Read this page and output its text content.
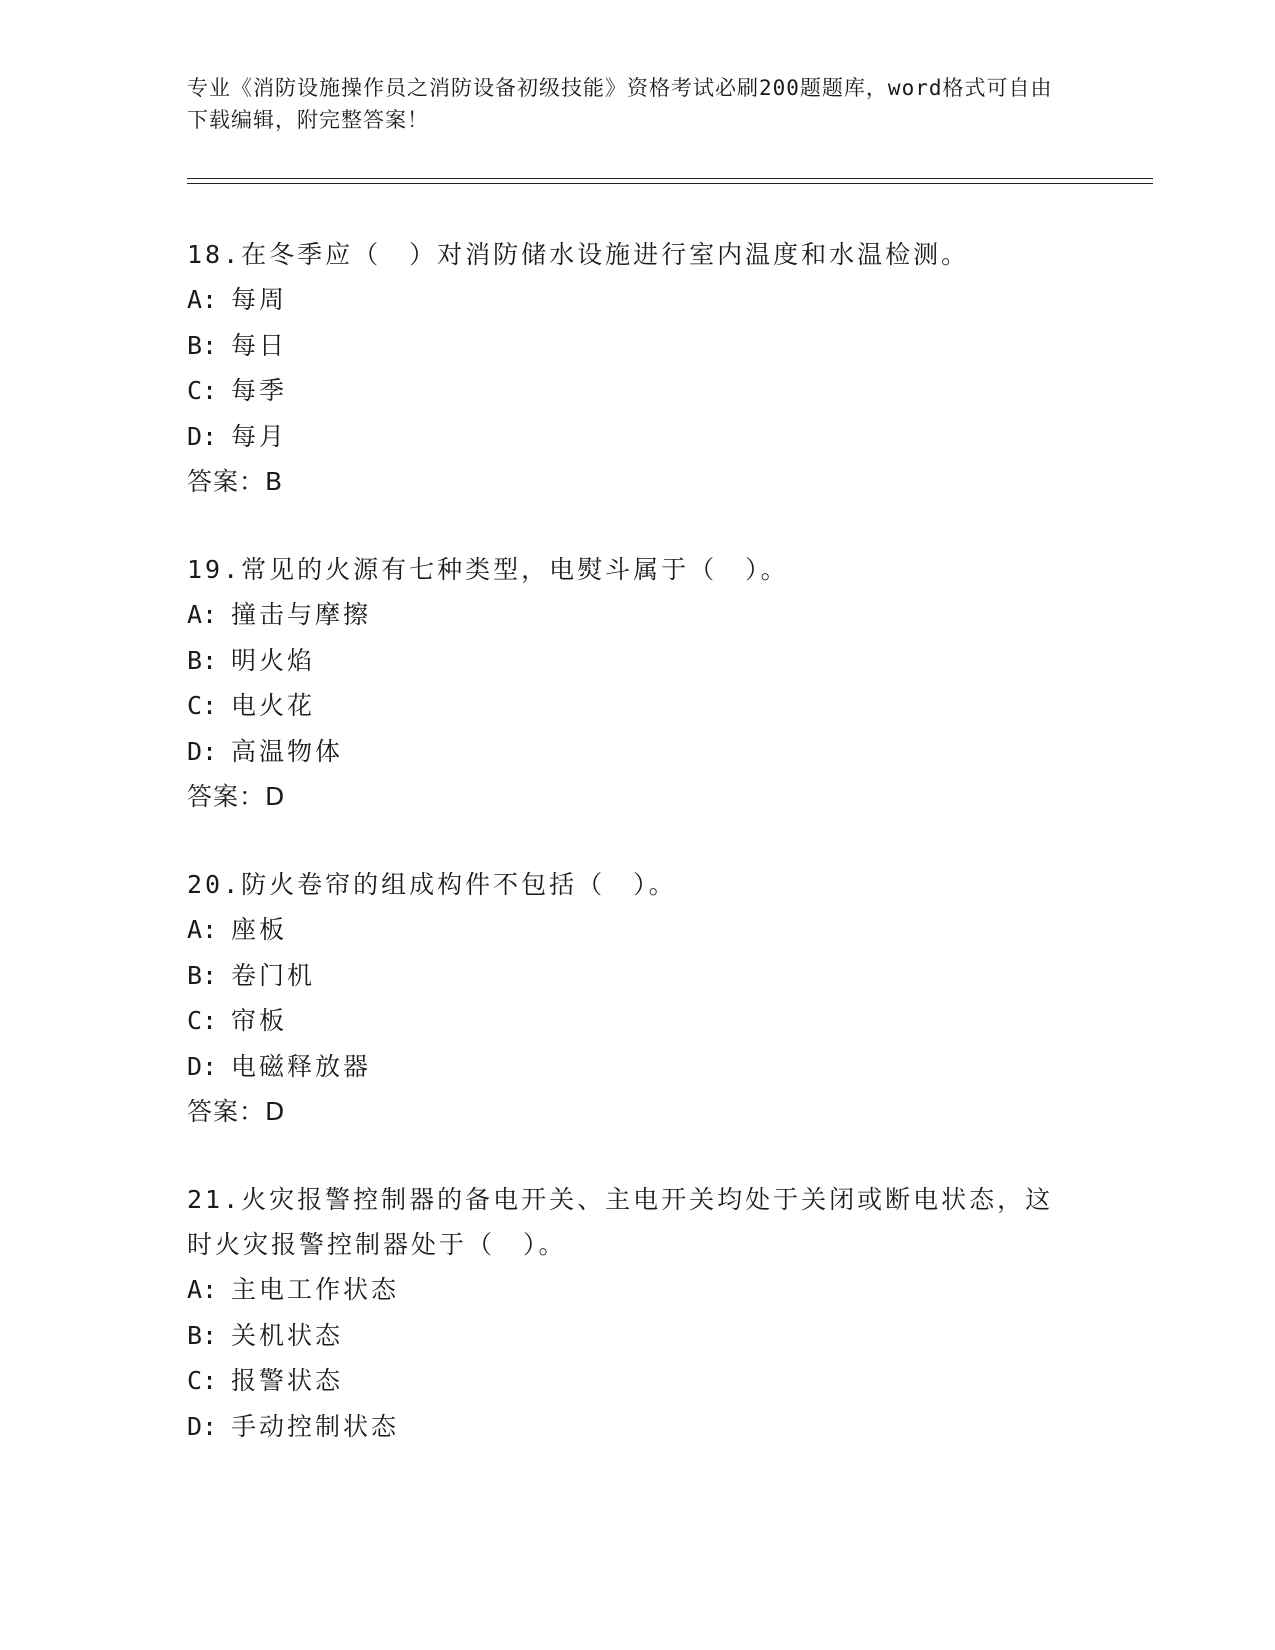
专业《消防设施操作员之消防设备初级技能》资格考试必刷200题题库，word格式可自由下载编辑，附完整答案！

18.在冬季应（　）对消防储水设施进行室内温度和水温检测。

A: 每周

B: 每日

C: 每季

D: 每月

答案：B

19.常见的火源有七种类型，电熨斗属于（　）。

A: 撞击与摩擦

B: 明火焰

C: 电火花

D: 高温物体

答案：D

20.防火卷帘的组成构件不包括（　）。

A: 座板

B: 卷门机

C: 帘板

D: 电磁释放器

答案：D

21.火灾报警控制器的备电开关、主电开关均处于关闭或断电状态，这时火灾报警控制器处于（　）。

A: 主电工作状态

B: 关机状态

C: 报警状态

D: 手动控制状态
